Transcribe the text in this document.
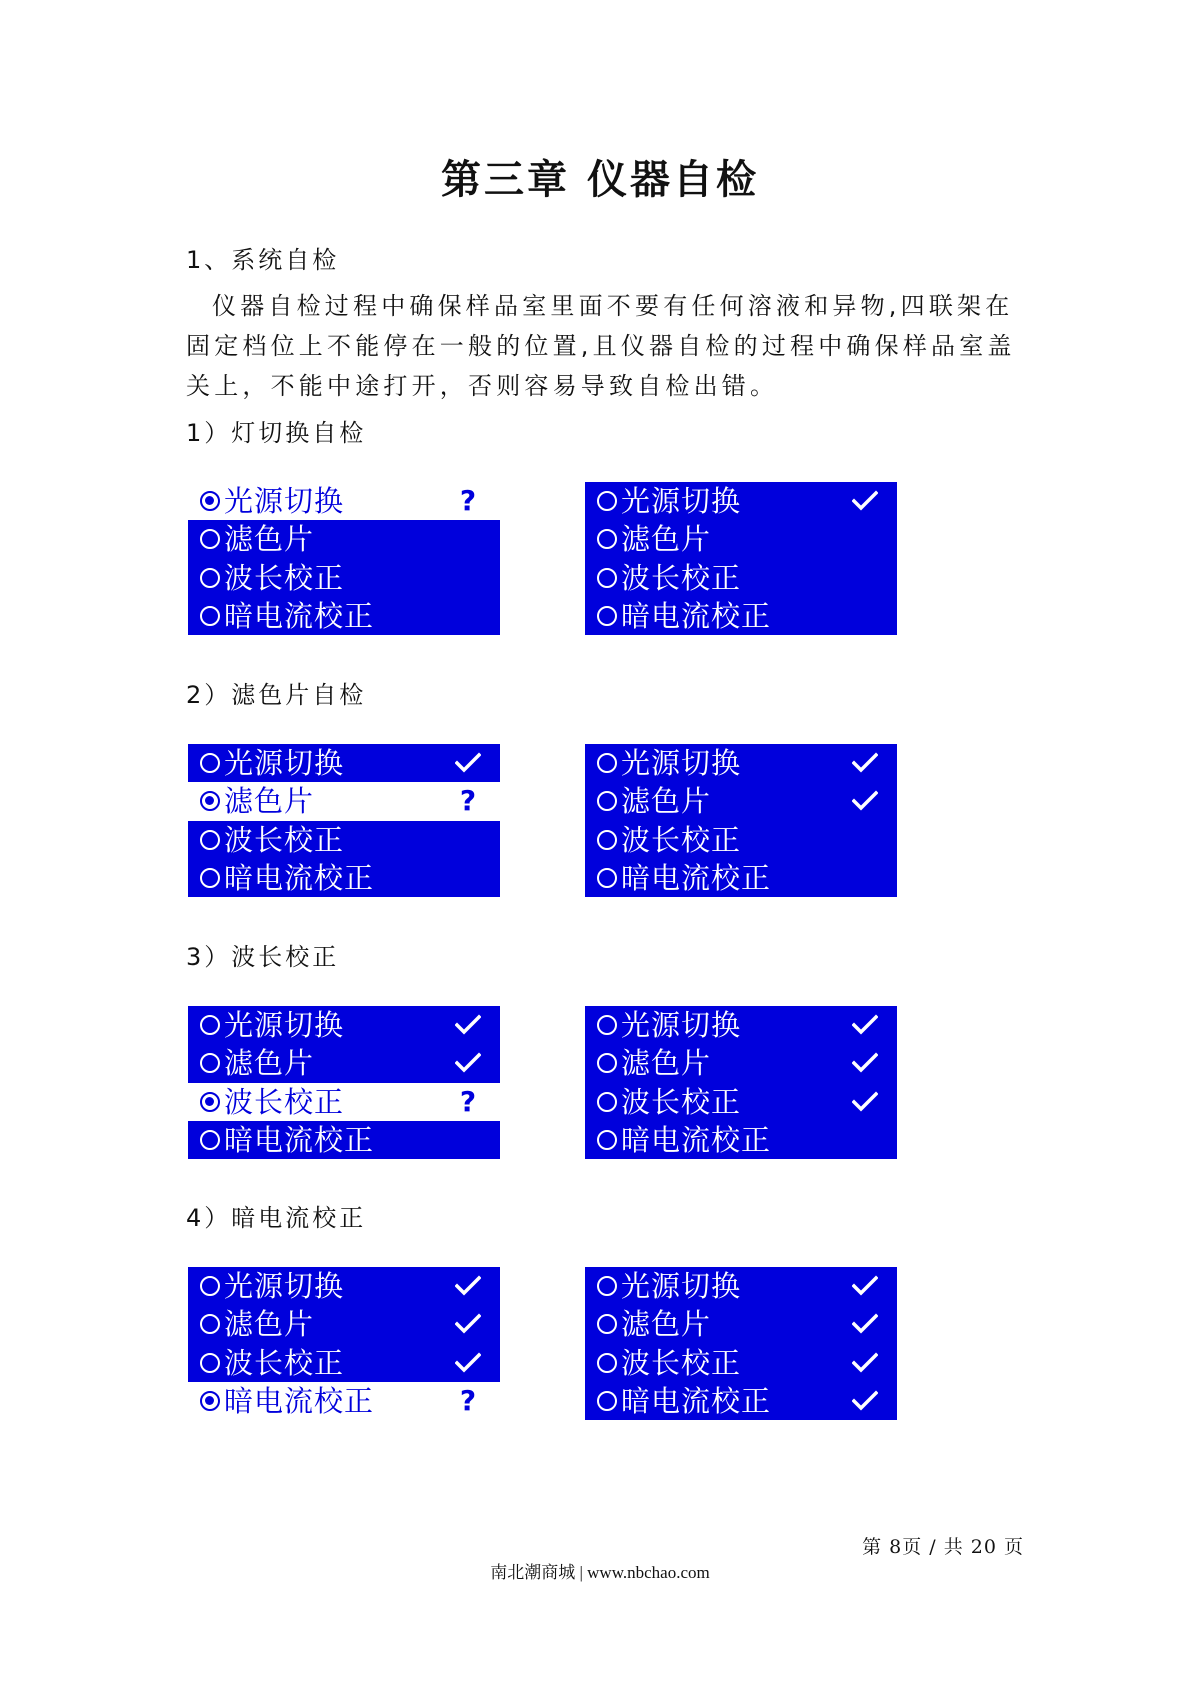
第三章 仪器自检

1、系统自检

仪器自检过程中确保样品室里面不要有任何溶液和异物,四联架在固定档位上不能停在一般的位置,且仪器自检的过程中确保样品室盖关上，不能中途打开，否则容易导致自检出错。

1）灯切换自检

光源切换	?
滤色片
波长校正
暗电流校正
光源切换
滤色片
波长校正
暗电流校正

2）滤色片自检

光源切换
滤色片	?
波长校正
暗电流校正
光源切换
滤色片
波长校正
暗电流校正

3）波长校正

光源切换
滤色片
波长校正	?
暗电流校正
光源切换
滤色片
波长校正
暗电流校正

4）暗电流校正

光源切换
滤色片
波长校正
暗电流校正	?
光源切换
滤色片
波长校正
暗电流校正
第 8页 / 共 20 页
南北潮商城 | www.nbchao.com
